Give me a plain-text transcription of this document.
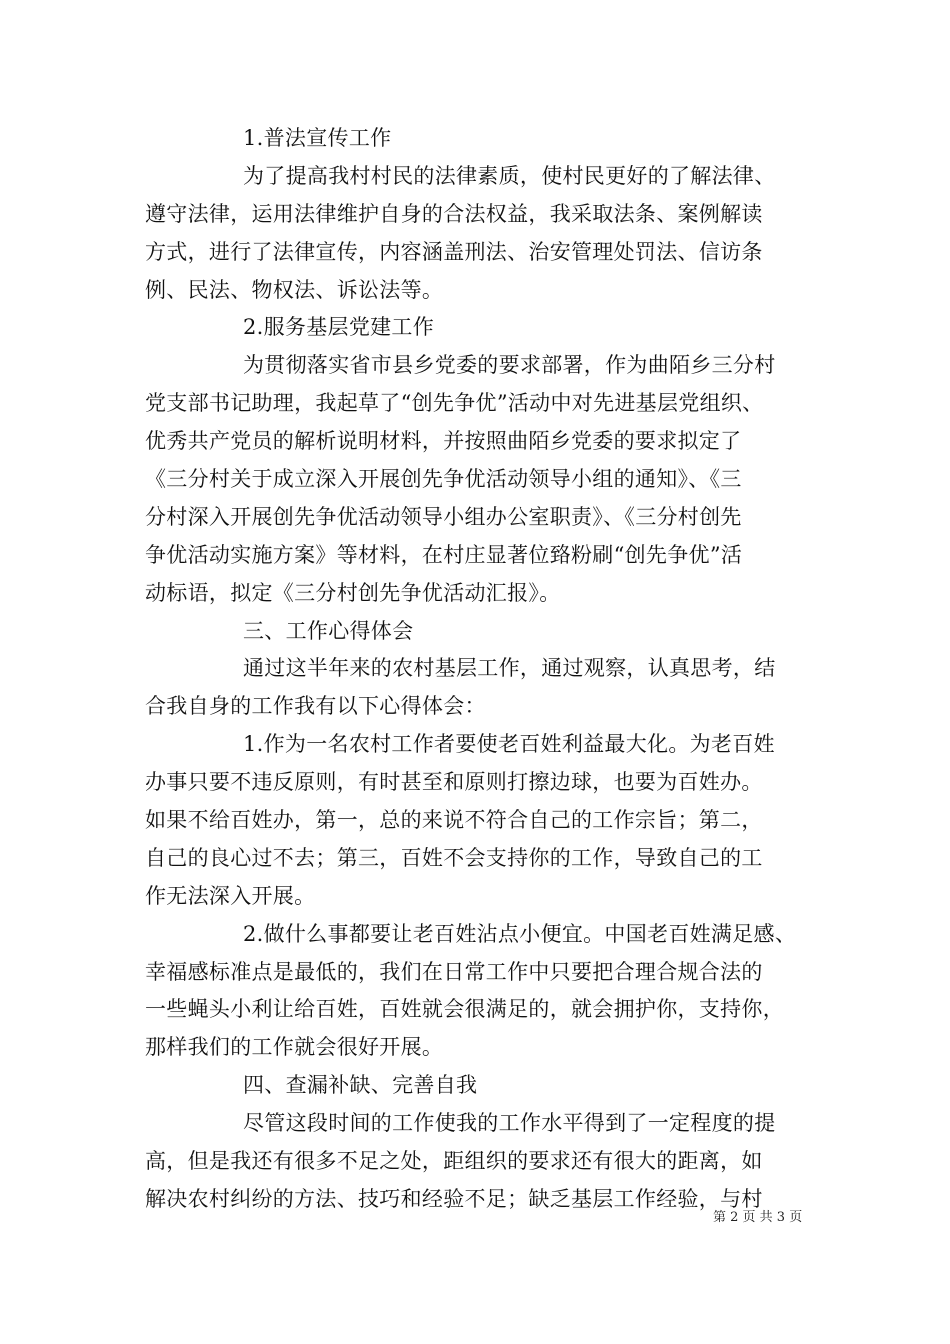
1.普法宣传工作
为了提高我村村民的法律素质，使村民更好的了解法律、
遵守法律，运用法律维护自身的合法权益，我采取法条、案例解读
方式，进行了法律宣传，内容涵盖刑法、治安管理处罚法、信访条
例、民法、物权法、诉讼法等。
2.服务基层党建工作
为贯彻落实省市县乡党委的要求部署，作为曲陌乡三分村
党支部书记助理，我起草了“创先争优”活动中对先进基层党组织、
优秀共产党员的解析说明材料，并按照曲陌乡党委的要求拟定了
《三分村关于成立深入开展创先争优活动领导小组的通知》、《三
分村深入开展创先争优活动领导小组办公室职责》、《三分村创先
争优活动实施方案》等材料，在村庄显著位臵粉刷“创先争优”活
动标语，拟定《三分村创先争优活动汇报》。
三、工作心得体会
通过这半年来的农村基层工作，通过观察，认真思考，结
合我自身的工作我有以下心得体会：
1.作为一名农村工作者要使老百姓利益最大化。为老百姓
办事只要不违反原则，有时甚至和原则打擦边球，也要为百姓办。
如果不给百姓办，第一，总的来说不符合自己的工作宗旨；第二，
自己的良心过不去；第三，百姓不会支持你的工作，导致自己的工
作无法深入开展。
2.做什么事都要让老百姓沾点小便宜。中国老百姓满足感、
幸福感标准点是最低的，我们在日常工作中只要把合理合规合法的
一些蝇头小利让给百姓，百姓就会很满足的，就会拥护你，支持你，
那样我们的工作就会很好开展。
四、查漏补缺、完善自我
尽管这段时间的工作使我的工作水平得到了一定程度的提
高，但是我还有很多不足之处，距组织的要求还有很大的距离，如
解决农村纠纷的方法、技巧和经验不足；缺乏基层工作经验，与村
第 2 页 共 3 页
